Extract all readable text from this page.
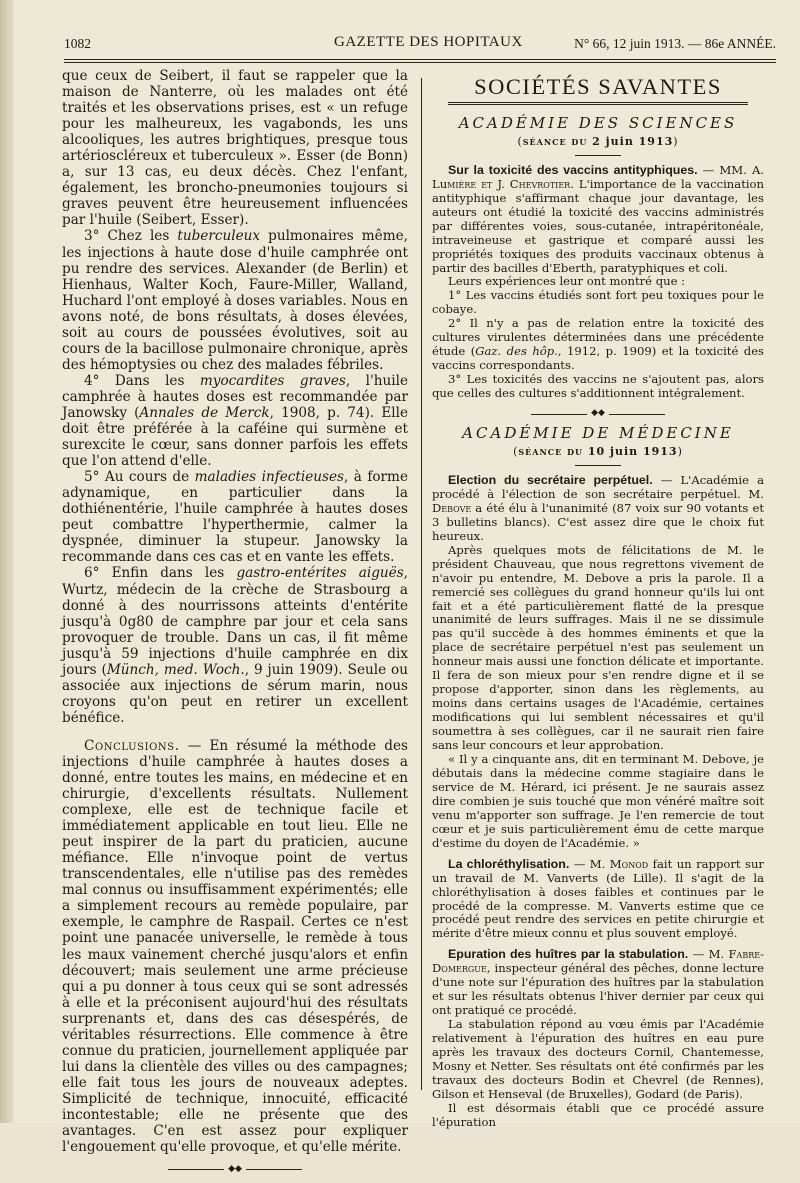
1082	GAZETTE DES HOPITAUX	N° 66, 12 juin 1913. — 86e ANNÉE.

que ceux de Seibert, il faut se rappeler que la maison de Nanterre, où les malades ont été traités et les observations prises, est « un refuge pour les malheureux, les vagabonds, les uns alcooliques, les autres brightiques, presque tous artérioscléreux et tuberculeux ». Esser (de Bonn) a, sur 13 cas, eu deux décès. Chez l'enfant, également, les broncho-pneumonies toujours si graves peuvent être heureusement influencées par l'huile (Seibert, Esser).

3° Chez les tuberculeux pulmonaires même, les injections à haute dose d'huile camphrée ont pu rendre des services. Alexander (de Berlin) et Hienhaus, Walter Koch, Faure-Miller, Walland, Huchard l'ont employé à doses variables. Nous en avons noté, de bons résultats, à doses élevées, soit au cours de poussées évolutives, soit au cours de la bacillose pulmonaire chronique, après des hémoptysies ou chez des malades fébriles.

4° Dans les myocardites graves, l'huile camphrée à hautes doses est recommandée par Janowsky (Annales de Merck, 1908, p. 74). Elle doit être préférée à la caféine qui surmène et surexcite le cœur, sans donner parfois les effets que l'on attend d'elle.

5° Au cours de maladies infectieuses, à forme adynamique, en particulier dans la dothiénentérie, l'huile camphrée à hautes doses peut combattre l'hyperthermie, calmer la dyspnée, diminuer la stupeur. Janowsky la recommande dans ces cas et en vante les effets.

6° Enfin dans les gastro-entérites aiguës, Wurtz, médecin de la crèche de Strasbourg a donné à des nourrissons atteints d'entérite jusqu'à 0g80 de camphre par jour et cela sans provoquer de trouble. Dans un cas, il fit même jusqu'à 59 injections d'huile camphrée en dix jours (Münch, med. Woch., 9 juin 1909). Seule ou associée aux injections de sérum marin, nous croyons qu'on peut en retirer un excellent bénéfice.

Conclusions. — En résumé la méthode des injections d'huile camphrée à hautes doses a donné, entre toutes les mains, en médecine et en chirurgie, d'excellents résultats. Nullement complexe, elle est de technique facile et immédiatement applicable en tout lieu. Elle ne peut inspirer de la part du praticien, aucune méfiance. Elle n'invoque point de vertus transcendentales, elle n'utilise pas des remèdes mal connus ou insuffisamment expérimentés; elle a simplement recours au remède populaire, par exemple, le camphre de Raspail. Certes ce n'est point une panacée universelle, le remède à tous les maux vainement cherché jusqu'alors et enfin découvert; mais seulement une arme précieuse qui a pu donner à tous ceux qui se sont adressés à elle et la préconisent aujourd'hui des résultats surprenants et, dans des cas désespérés, de véritables résurrections. Elle commence à être connue du praticien, journellement appliquée par lui dans la clientèle des villes ou des campagnes; elle fait tous les jours de nouveaux adeptes. Simplicité de technique, innocuité, efficacité incontestable; elle ne présente que des avantages. C'en est assez pour expliquer l'engouement qu'elle provoque, et qu'elle mérite.

◆◆
SOCIÉTÉS SAVANTES
ACADÉMIE DES SCIENCES
(séance du 2 juin 1913)

Sur la toxicité des vaccins antityphiques. — MM. A. Lumière et J. Chevrotier. L'importance de la vaccination antityphique s'affirmant chaque jour davantage, les auteurs ont étudié la toxicité des vaccins administrés par différentes voies, sous-cutanée, intrapéritonéale, intraveineuse et gastrique et comparé aussi les propriétés toxiques des produits vaccinaux obtenus à partir des bacilles d'Eberth, paratyphiques et coli.

Leurs expériences leur ont montré que :

1° Les vaccins étudiés sont fort peu toxiques pour le cobaye.

2° Il n'y a pas de relation entre la toxicité des cultures virulentes déterminées dans une précédente étude (Gaz. des hôp., 1912, p. 1909) et la toxicité des vaccins correspondants.

3° Les toxicités des vaccins ne s'ajoutent pas, alors que celles des cultures s'additionnent intégralement.

◆◆
ACADÉMIE DE MÉDECINE
(séance du 10 juin 1913)

Election du secrétaire perpétuel. — L'Académie a procédé à l'élection de son secrétaire perpétuel. M. Debove a été élu à l'unanimité (87 voix sur 90 votants et 3 bulletins blancs). C'est assez dire que le choix fut heureux.

Après quelques mots de félicitations de M. le président Chauveau, que nous regrettons vivement de n'avoir pu entendre, M. Debove a pris la parole. Il a remercié ses collègues du grand honneur qu'ils lui ont fait et a été particulièrement flatté de la presque unanimité de leurs suffrages. Mais il ne se dissimule pas qu'il succède à des hommes éminents et que la place de secrétaire perpétuel n'est pas seulement un honneur mais aussi une fonction délicate et importante. Il fera de son mieux pour s'en rendre digne et il se propose d'apporter, sinon dans les règlements, au moins dans certains usages de l'Académie, certaines modifications qui lui semblent nécessaires et qu'il soumettra à ses collègues, car il ne saurait rien faire sans leur concours et leur approbation.

« Il y a cinquante ans, dit en terminant M. Debove, je débutais dans la médecine comme stagiaire dans le service de M. Hérard, ici présent. Je ne saurais assez dire combien je suis touché que mon vénéré maître soit venu m'apporter son suffrage. Je l'en remercie de tout cœur et je suis particulièrement ému de cette marque d'estime du doyen de l'Académie. »

La chloréthylisation. — M. Monod fait un rapport sur un travail de M. Vanverts (de Lille). Il s'agit de la chloréthylisation à doses faibles et continues par le procédé de la compresse. M. Vanverts estime que ce procédé peut rendre des services en petite chirurgie et mérite d'être mieux connu et plus souvent employé.

Epuration des huîtres par la stabulation. — M. Fabre-Domergue, inspecteur général des pêches, donne lecture d'une note sur l'épuration des huîtres par la stabulation et sur les résultats obtenus l'hiver dernier par ceux qui ont pratiqué ce procédé.

La stabulation répond au vœu émis par l'Académie relativement à l'épuration des huîtres en eau pure après les travaux des docteurs Cornil, Chantemesse, Mosny et Netter. Ses résultats ont été confirmés par les travaux des docteurs Bodin et Chevrel (de Rennes), Gilson et Henseval (de Bruxelles), Godard (de Paris).

Il est désormais établi que ce procédé assure l'épuration
